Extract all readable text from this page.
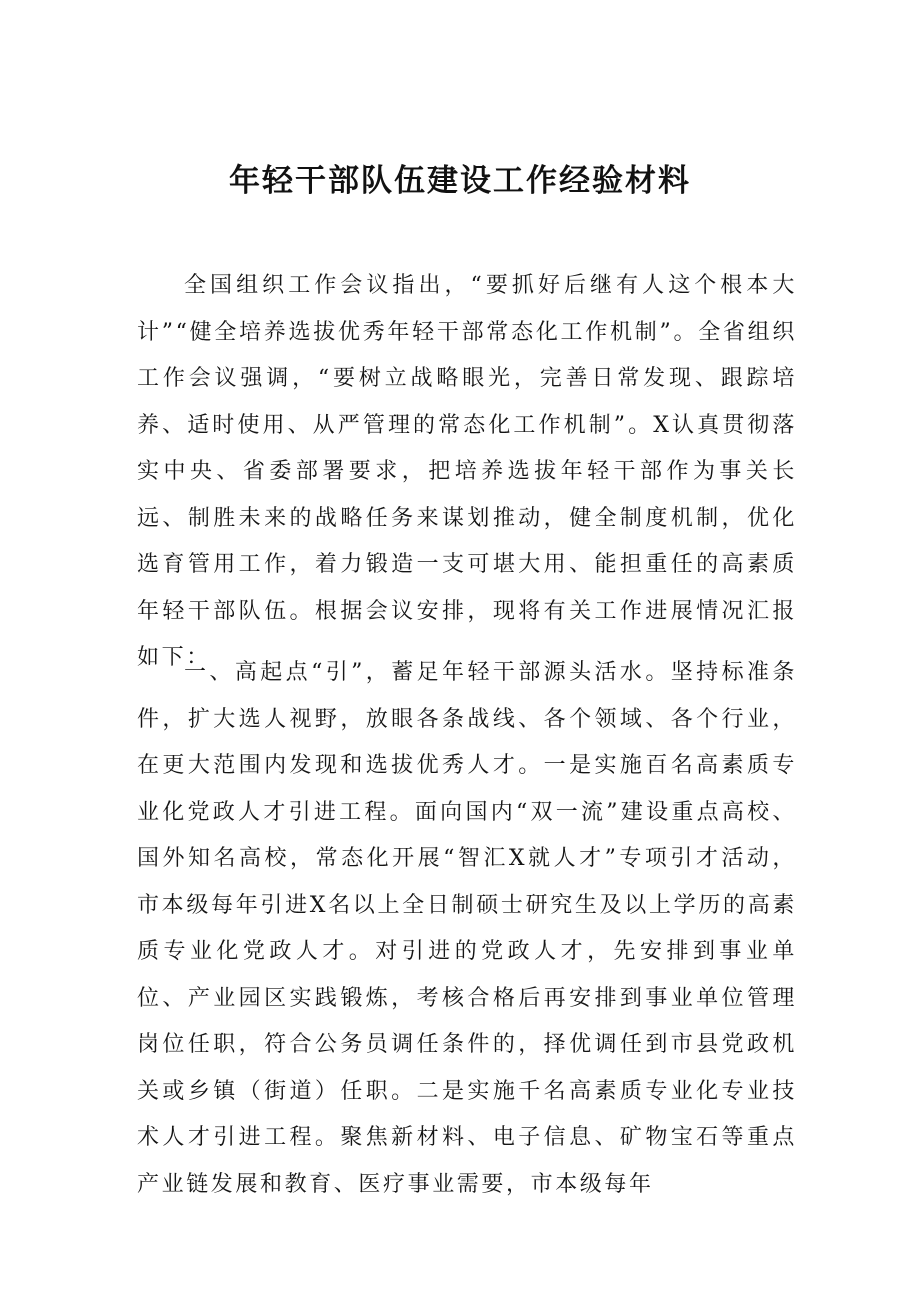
年轻干部队伍建设工作经验材料

全国组织工作会议指出，“要抓好后继有人这个根本大计”“健全培养选拔优秀年轻干部常态化工作机制”。全省组织工作会议强调，“要树立战略眼光，完善日常发现、跟踪培养、适时使用、从严管理的常态化工作机制”。X认真贯彻落实中央、省委部署要求，把培养选拔年轻干部作为事关长远、制胜未来的战略任务来谋划推动，健全制度机制，优化选育管用工作，着力锻造一支可堪大用、能担重任的高素质年轻干部队伍。根据会议安排，现将有关工作进展情况汇报如下：

一、高起点“引”，蓄足年轻干部源头活水。坚持标准条件，扩大选人视野，放眼各条战线、各个领域、各个行业，在更大范围内发现和选拔优秀人才。一是实施百名高素质专业化党政人才引进工程。面向国内“双一流”建设重点高校、国外知名高校，常态化开展“智汇X就人才”专项引才活动，市本级每年引进X名以上全日制硕士研究生及以上学历的高素质专业化党政人才。对引进的党政人才，先安排到事业单位、产业园区实践锻炼，考核合格后再安排到事业单位管理岗位任职，符合公务员调任条件的，择优调任到市县党政机关或乡镇（街道）任职。二是实施千名高素质专业化专业技术人才引进工程。聚焦新材料、电子信息、矿物宝石等重点产业链发展和教育、医疗事业需要，市本级每年
